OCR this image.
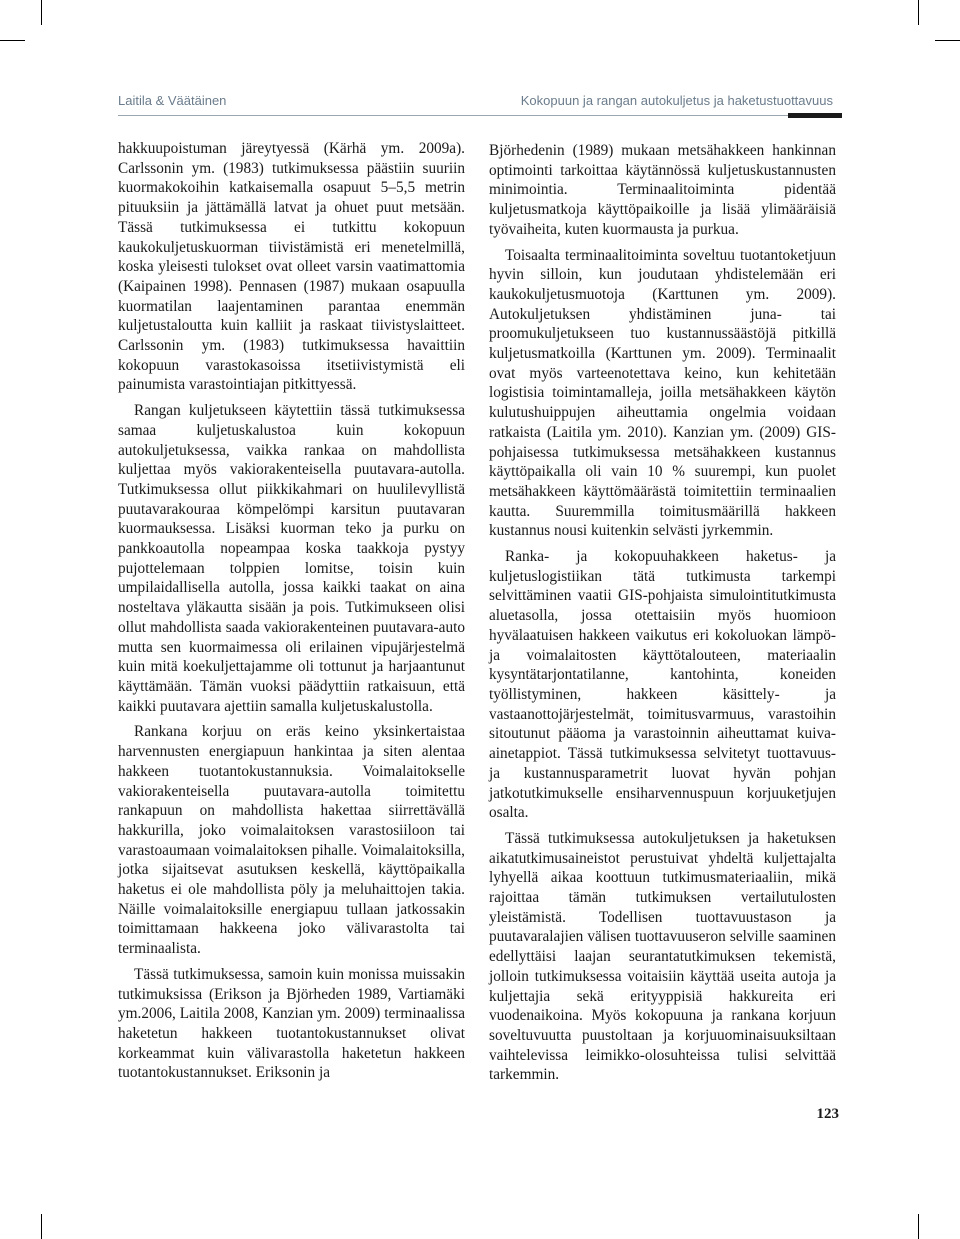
Laitila & Väätäinen	Kokopuun ja rangan autokuljetus ja haketustuottavuus

hakkuupoistuman järeytyessä (Kärhä ym. 2009a). Carlssonin ym. (1983) tutkimuksessa päästiin suuriin kuormakokoihin katkaisemalla osapuut 5–5,5 metrin pituuksiin ja jättämällä latvat ja ohuet puut metsään. Tässä tutkimuksessa ei tutkittu kokopuun kaukokuljetuskuorman tiivistämistä eri menetelmillä, koska yleisesti tulokset ovat olleet varsin vaatimattomia (Kaipainen 1998). Pennasen (1987) mukaan osapuulla kuormatilan laajentaminen parantaa enemmän kuljetustaloutta kuin kalliit ja raskaat tiivistyslaitteet. Carlssonin ym. (1983) tutkimuksessa havaittiin kokopuun varastokasoissa itsetiivistymistä eli painumista varastointiajan pitkittyessä.

Rangan kuljetukseen käytettiin tässä tutkimuksessa samaa kuljetuskalustoa kuin kokopuun autokuljetuksessa, vaikka rankaa on mahdollista kuljettaa myös vakiorakenteisella puutavara-autolla. Tutkimuksessa ollut piikkikahmari on huulilevyllistä puutavarakouraa kömpelömpi karsitun puutavaran kuormauksessa. Lisäksi kuorman teko ja purku on pankkoautolla nopeampaa koska taakkoja pystyy pujottelemaan tolppien lomitse, toisin kuin umpilaidallisella autolla, jossa kaikki taakat on aina nosteltava yläkautta sisään ja pois. Tutkimukseen olisi ollut mahdollista saada vakiorakenteinen puutavara-auto mutta sen kuormaimessa oli erilainen vipujärjestelmä kuin mitä koekuljettajamme oli tottunut ja harjaantunut käyttämään. Tämän vuoksi päädyttiin ratkaisuun, että kaikki puutavara ajettiin samalla kuljetuskalustolla.

Rankana korjuu on eräs keino yksinkertaistaa harvennusten energiapuun hankintaa ja siten alentaa hakkeen tuotantokustannuksia. Voimalaitokselle vakiorakenteisella puutavara-autolla toimitettu rankapuun on mahdollista hakettaa siirrettävällä hakkurilla, joko voimalaitoksen varastosiiloon tai varastoaumaan voimalaitoksen pihalle. Voimalaitoksilla, jotka sijaitsevat asutuksen keskellä, käyttöpaikalla haketus ei ole mahdollista pöly ja meluhaittojen takia. Näille voimalaitoksille energiapuu tullaan jatkossakin toimittamaan hakkeena joko välivarastolta tai terminaalista.

Tässä tutkimuksessa, samoin kuin monissa muissakin tutkimuksissa (Erikson ja Björheden 1989, Vartiamäki ym.2006, Laitila 2008, Kanzian ym. 2009) terminaalissa haketetun hakkeen tuotantokustannukset olivat korkeammat kuin välivarastolla haketetun hakkeen tuotantokustannukset. Eriksonin ja

Björhedenin (1989) mukaan metsähakkeen hankinnan optimointi tarkoittaa käytännössä kuljetuskustannusten minimointia. Terminaalitoiminta pidentää kuljetusmatkoja käyttöpaikoille ja lisää ylimääräisiä työvaiheita, kuten kuormausta ja purkua.

Toisaalta terminaalitoiminta soveltuu tuotantoketjuun hyvin silloin, kun joudutaan yhdistelemään eri kaukokuljetusmuotoja (Karttunen ym. 2009). Autokuljetuksen yhdistäminen juna- tai proomukuljetukseen tuo kustannussäästöjä pitkillä kuljetusmatkoilla (Karttunen ym. 2009). Terminaalit ovat myös varteenotettava keino, kun kehitetään logistisia toimintamalleja, joilla metsähakkeen käytön kulutushuippujen aiheuttamia ongelmia voidaan ratkaista (Laitila ym. 2010). Kanzian ym. (2009) GIS-pohjaisessa tutkimuksessa metsähakkeen kustannus käyttöpaikalla oli vain 10 % suurempi, kun puolet metsähakkeen käyttömäärästä toimitettiin terminaalien kautta. Suuremmilla toimitusmäärillä hakkeen kustannus nousi kuitenkin selvästi jyrkemmin.

Ranka- ja kokopuuhakkeen haketus- ja kuljetuslogistiikan tätä tutkimusta tarkempi selvittäminen vaatii GIS-pohjaista simulointitutkimusta aluetasolla, jossa otettaisiin myös huomioon hyvälaatuisen hakkeen vaikutus eri kokoluokan lämpö- ja voimalaitosten käyttötalouteen, materiaalin kysyntätarjontatilanne, kantohinta, koneiden työllistyminen, hakkeen käsittely- ja vastaanottojärjestelmät, toimitusvarmuus, varastoihin sitoutunut pääoma ja varastoinnin aiheuttamat kuiva-ainetappiot. Tässä tutkimuksessa selvitetyt tuottavuus- ja kustannusparametrit luovat hyvän pohjan jatkotutkimukselle ensiharvennuspuun korjuuketjujen osalta.

Tässä tutkimuksessa autokuljetuksen ja haketuksen aikatutkimusaineistot perustuivat yhdeltä kuljettajalta lyhyellä aikaa koottuun tutkimusmateriaaliin, mikä rajoittaa tämän tutkimuksen vertailutulosten yleistämistä. Todellisen tuottavuustason ja puutavaralajien välisen tuottavuuseron selville saaminen edellyttäisi laajan seurantatutkimuksen tekemistä, jolloin tutkimuksessa voitaisiin käyttää useita autoja ja kuljettajia sekä erityyppisiä hakkureita eri vuodenaikoina. Myös kokopuuna ja rankana korjuun soveltuvuutta puustoltaan ja korjuuominaisuuksiltaan vaihtelevissa leimikko-olosuhteissa tulisi selvittää tarkemmin.

123
